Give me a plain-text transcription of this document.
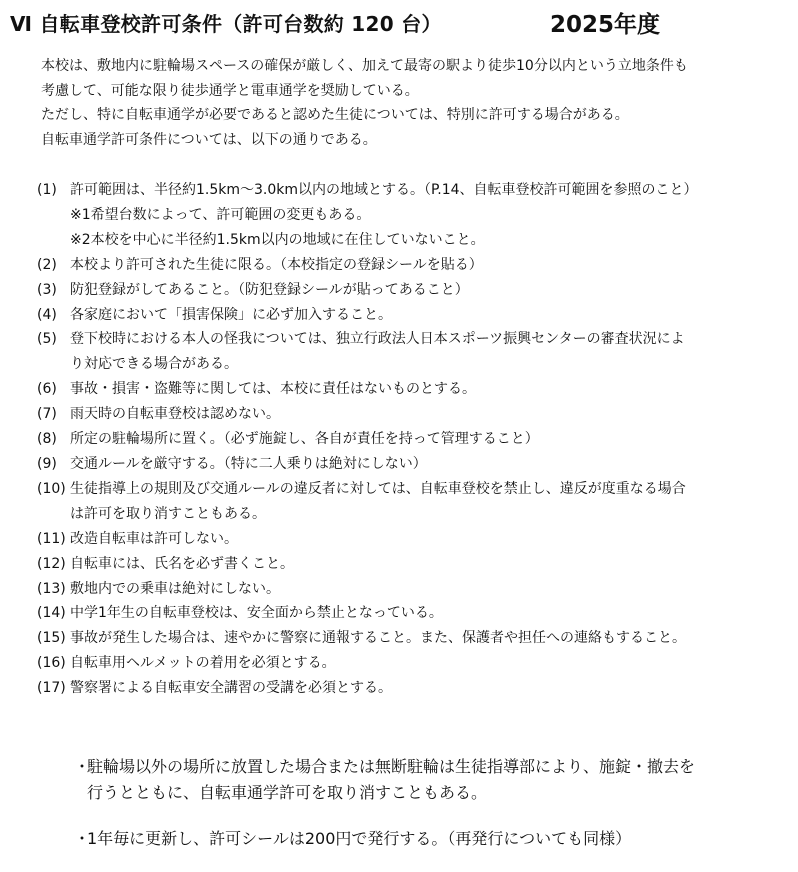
Ⅵ 自転車登校許可条件（許可台数約 120 台）	2025年度

本校は、敷地内に駐輪場スペースの確保が厳しく、加えて最寄の駅より徒歩10分以内という立地条件も

考慮して、可能な限り徒歩通学と電車通学を奨励している。

ただし、特に自転車通学が必要であると認めた生徒については、特別に許可する場合がある。

自転車通学許可条件については、以下の通りである。

(1) 許可範囲は、半径約1.5km～3.0km以内の地域とする。（P.14、自転車登校許可範囲を参照のこと）
※1希望台数によって、許可範囲の変更もある。
※2本校を中心に半径約1.5km以内の地域に在住していないこと。
(2) 本校より許可された生徒に限る。（本校指定の登録シールを貼る）
(3) 防犯登録がしてあること。（防犯登録シールが貼ってあること）
(4) 各家庭において「損害保険」に必ず加入すること。
(5) 登下校時における本人の怪我については、独立行政法人日本スポーツ振興センターの審査状況によ
り対応できる場合がある。
(6) 事故・損害・盗難等に関しては、本校に責任はないものとする。
(7) 雨天時の自転車登校は認めない。
(8) 所定の駐輪場所に置く。（必ず施錠し、各自が責任を持って管理すること）
(9) 交通ルールを厳守する。（特に二人乗りは絶対にしない）
(10) 生徒指導上の規則及び交通ルールの違反者に対しては、自転車登校を禁止し、違反が度重なる場合
は許可を取り消すこともある。
(11) 改造自転車は許可しない。
(12) 自転車には、氏名を必ず書くこと。
(13) 敷地内での乗車は絶対にしない。
(14) 中学1年生の自転車登校は、安全面から禁止となっている。
(15) 事故が発生した場合は、速やかに警察に通報すること。また、保護者や担任への連絡もすること。
(16) 自転車用ヘルメットの着用を必須とする。
(17) 警察署による自転車安全講習の受講を必須とする。
・
駐輪場以外の場所に放置した場合または無断駐輪は生徒指導部により、施錠・撤去を
行うとともに、自転車通学許可を取り消すこともある。
・
1年毎に更新し、許可シールは200円で発行する。（再発行についても同様）
